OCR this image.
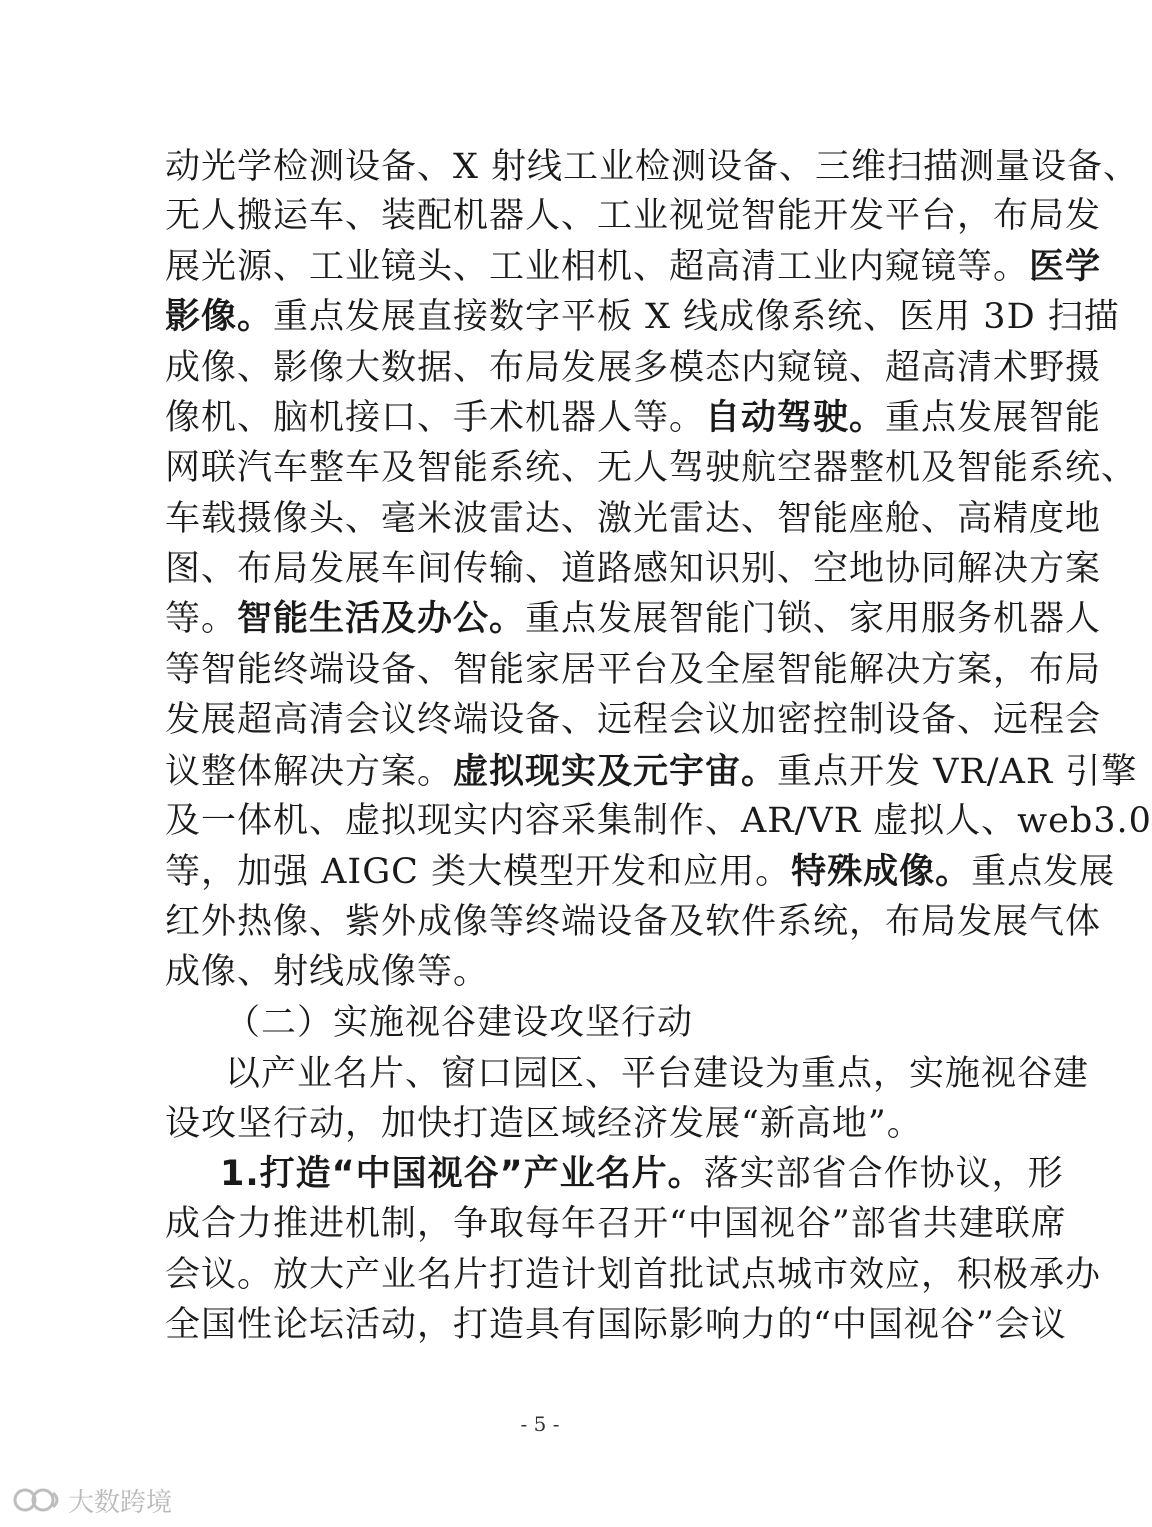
动光学检测设备、X 射线工业检测设备、三维扫描测量设备、
无人搬运车、装配机器人、工业视觉智能开发平台，布局发
展光源、工业镜头、工业相机、超高清工业内窥镜等。医学
影像。重点发展直接数字平板 X 线成像系统、医用 3D 扫描
成像、影像大数据、布局发展多模态内窥镜、超高清术野摄
像机、脑机接口、手术机器人等。自动驾驶。重点发展智能
网联汽车整车及智能系统、无人驾驶航空器整机及智能系统、
车载摄像头、毫米波雷达、激光雷达、智能座舱、高精度地
图、布局发展车间传输、道路感知识别、空地协同解决方案
等。智能生活及办公。重点发展智能门锁、家用服务机器人
等智能终端设备、智能家居平台及全屋智能解决方案，布局
发展超高清会议终端设备、远程会议加密控制设备、远程会
议整体解决方案。虚拟现实及元宇宙。重点开发 VR/AR 引擎
及一体机、虚拟现实内容采集制作、AR/VR 虚拟人、web3.0
等，加强 AIGC 类大模型开发和应用。特殊成像。重点发展
红外热像、紫外成像等终端设备及软件系统，布局发展气体
成像、射线成像等。
（二）实施视谷建设攻坚行动
以产业名片、窗口园区、平台建设为重点，实施视谷建
设攻坚行动，加快打造区域经济发展“新高地”。
1.打造“中国视谷”产业名片。落实部省合作协议，形
成合力推进机制，争取每年召开“中国视谷”部省共建联席
会议。放大产业名片打造计划首批试点城市效应，积极承办
全国性论坛活动，打造具有国际影响力的“中国视谷”会议
- 5 -
大数跨境
